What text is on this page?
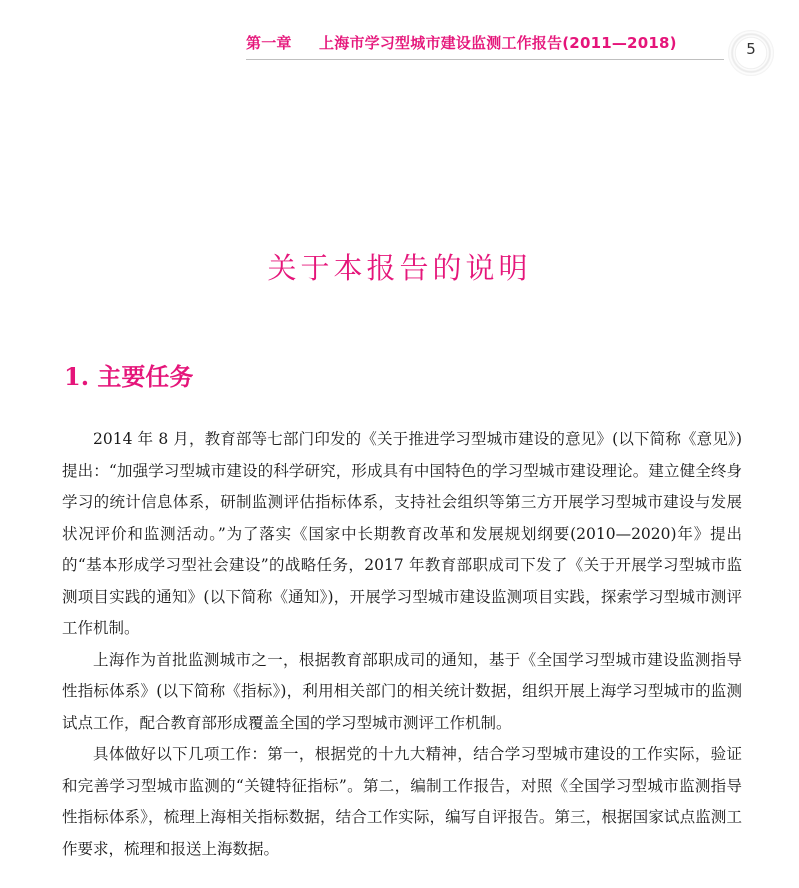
第一章 上海市学习型城市建设监测工作报告(2011—2018)	5
关于本报告的说明
1. 主要任务

2014 年 8 月，教育部等七部门印发的《关于推进学习型城市建设的意见》(以下简称《意见》)提出：“加强学习型城市建设的科学研究，形成具有中国特色的学习型城市建设理论。建立健全终身学习的统计信息体系，研制监测评估指标体系，支持社会组织等第三方开展学习型城市建设与发展状况评价和监测活动。”为了落实《国家中长期教育改革和发展规划纲要(2010—2020)年》提出的“基本形成学习型社会建设”的战略任务，2017 年教育部职成司下发了《关于开展学习型城市监测项目实践的通知》(以下简称《通知》)，开展学习型城市建设监测项目实践，探索学习型城市测评工作机制。

上海作为首批监测城市之一，根据教育部职成司的通知，基于《全国学习型城市建设监测指导性指标体系》(以下简称《指标》)，利用相关部门的相关统计数据，组织开展上海学习型城市的监测试点工作，配合教育部形成覆盖全国的学习型城市测评工作机制。

具体做好以下几项工作：第一，根据党的十九大精神，结合学习型城市建设的工作实际，验证和完善学习型城市监测的“关键特征指标”。第二，编制工作报告，对照《全国学习型城市监测指导性指标体系》，梳理上海相关指标数据，结合工作实际，编写自评报告。第三，根据国家试点监测工作要求，梳理和报送上海数据。
